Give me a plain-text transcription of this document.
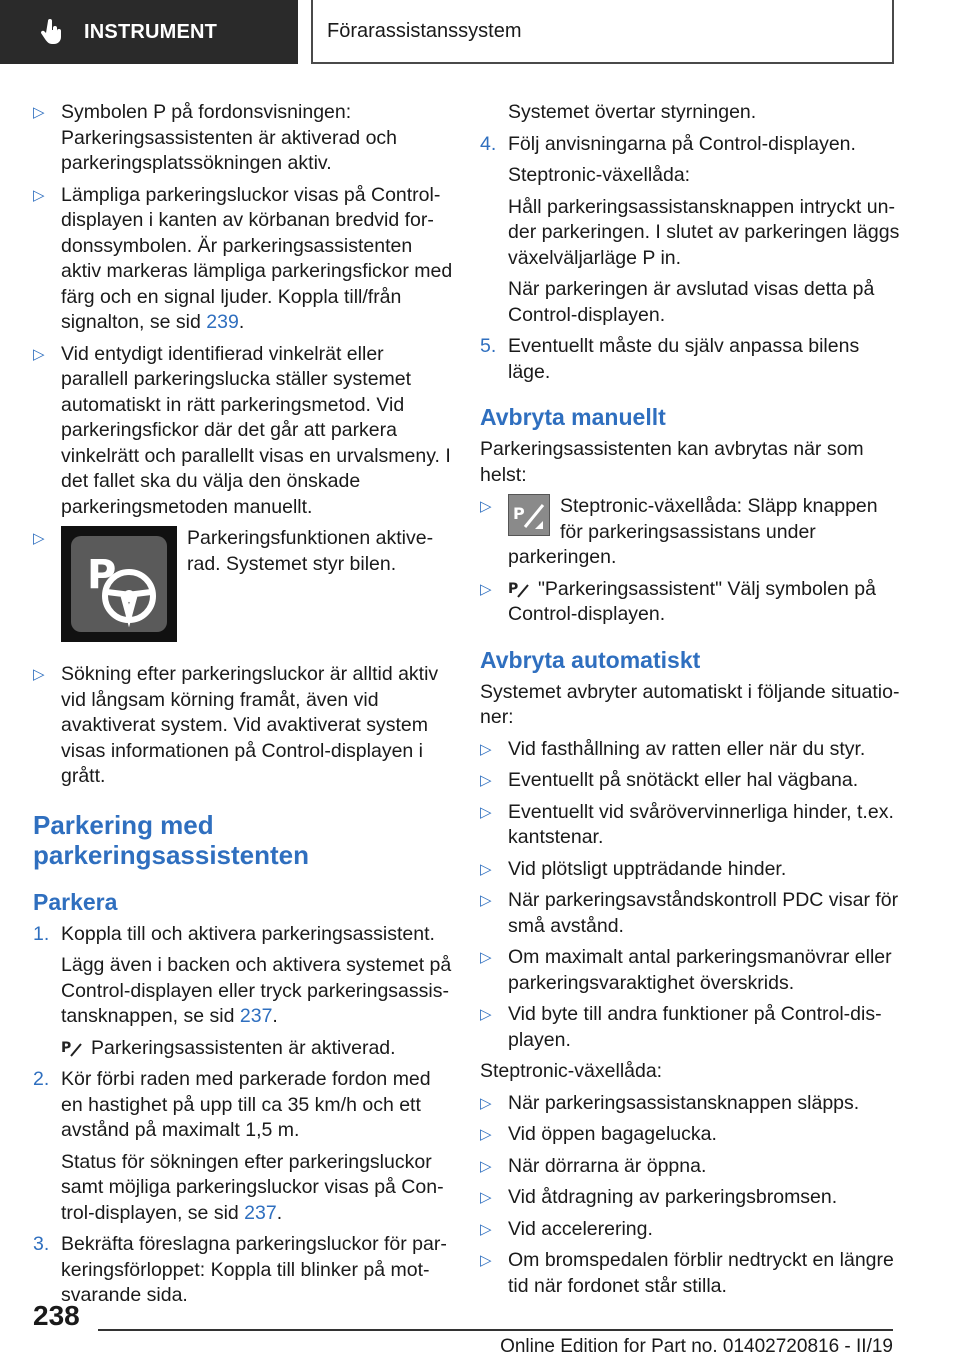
INSTRUMENT	Förarassistanssystem
▷ Symbolen P på fordonsvisningen: Parkeringsassistenten är aktiverad och parkeringsplatssökningen aktiv.
▷ Lämpliga parkeringsluckor visas på Control-displayen i kanten av körbanan bredvid fordonssymbolen. Är parkeringsassistenten aktiv markeras lämpliga parkeringsfickor med färg och en signal ljuder. Koppla till/från signalton, se sid 239.
▷ Vid entydigt identifierad vinkelrät eller parallell parkeringslucka ställer systemet automatiskt in rätt parkeringsmetod. Vid parkeringsfickor där det går att parkera vinkelrätt och parallellt visas en urvalsmeny. I det fallet ska du välja den önskade parkeringsmetoden manuellt.
▷
P
Parkeringsfunktionen aktiverad. Systemet styr bilen.
▷ Sökning efter parkeringsluckor är alltid aktiv vid långsam körning framåt, även vid avaktiverat system. Vid avaktiverat system visas informationen på Control-displayen i grått.
Parkering med parkeringsassistenten
Parkera
1. Koppla till och aktivera parkeringsassistent.
Lägg även i backen och aktivera systemet på Control-displayen eller tryck parkeringsassistansknappen, se sid 237.
P Parkeringsassistenten är aktiverad.
2. Kör förbi raden med parkerade fordon med en hastighet på upp till ca 35 km/h och ett avstånd på maximalt 1,5 m.
Status för sökningen efter parkeringsluckor samt möjliga parkeringsluckor visas på Control-displayen, se sid 237.
3. Bekräfta föreslagna parkeringsluckor för parkeringsförloppet: Koppla till blinker på motsvarande sida.
Systemet övertar styrningen.
4. Följ anvisningarna på Control-displayen.
Steptronic-växellåda:
Håll parkeringsassistansknappen intryckt under parkeringen. I slutet av parkeringen läggs växelväljarläge P in.
När parkeringen är avslutad visas detta på Control-displayen.
5. Eventuellt måste du själv anpassa bilens läge.
Avbryta manuellt

Parkeringsassistenten kan avbrytas när som helst:

▷ P Steptronic-växellåda: Släpp knappen för parkeringsassistans under parkeringen.
▷ P "Parkeringsassistent" Välj symbolen på Control-displayen.
Avbryta automatiskt

Systemet avbryter automatiskt i följande situationer:

▷ Vid fasthållning av ratten eller när du styr.
▷ Eventuellt på snötäckt eller hal vägbana.
▷ Eventuellt vid svårövervinnerliga hinder, t.ex. kantstenar.
▷ Vid plötsligt uppträdande hinder.
▷ När parkeringsavståndskontroll PDC visar för små avstånd.
▷ Om maximalt antal parkeringsmanövrar eller parkeringsvaraktighet överskrids.
▷ Vid byte till andra funktioner på Control-displayen.

Steptronic-växellåda:

▷ När parkeringsassistansknappen släpps.
▷ Vid öppen bagagelucka.
▷ När dörrarna är öppna.
▷ Vid åtdragning av parkeringsbromsen.
▷ Vid accelerering.
▷ Om bromspedalen förblir nedtryckt en längre tid när fordonet står stilla.
238
Online Edition for Part no. 01402720816 - II/19
